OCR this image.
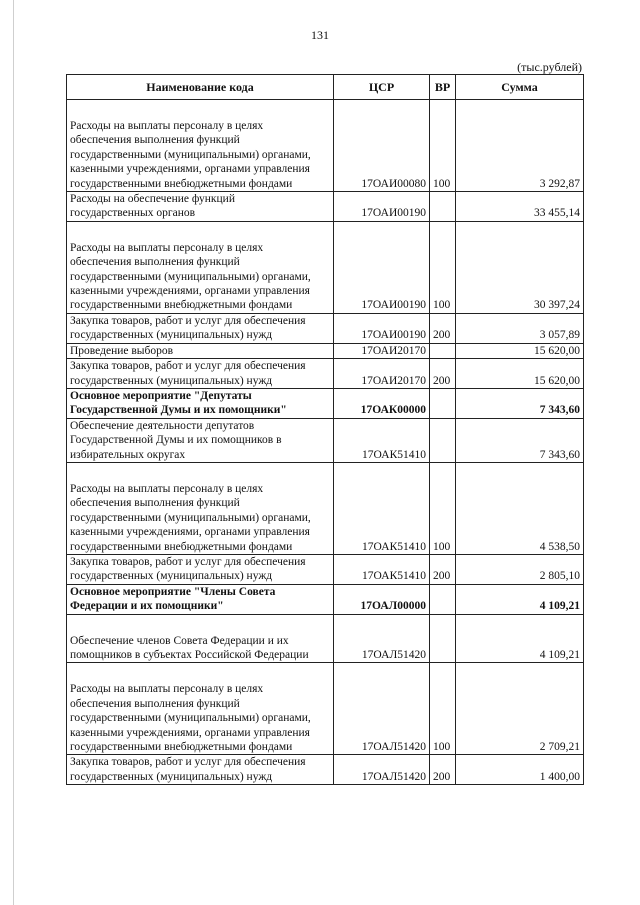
131
(тыс.рублей)
Наименование кода	ЦСР	ВР	Сумма

Расходы на выплаты персоналу в целях
обеспечения выполнения функций
государственными (муниципальными) органами,
казенными учреждениями, органами управления
государственными внебюджетными фондами	17ОАИ00080	100	3 292,87

Расходы на обеспечение функций
государственных органов	17ОАИ00190		33 455,14

Расходы на выплаты персоналу в целях
обеспечения выполнения функций
государственными (муниципальными) органами,
казенными учреждениями, органами управления
государственными внебюджетными фондами	17ОАИ00190	100	30 397,24

Закупка товаров, работ и услуг для обеспечения
государственных (муниципальных) нужд	17ОАИ00190	200	3 057,89

Проведение выборов	17ОАИ20170		15 620,00

Закупка товаров, работ и услуг для обеспечения
государственных (муниципальных) нужд	17ОАИ20170	200	15 620,00

Основное мероприятие "Депутаты
Государственной Думы и их помощники"	17ОАК00000		7 343,60

Обеспечение деятельности депутатов
Государственной Думы и их помощников в
избирательных округах	17ОАК51410		7 343,60

Расходы на выплаты персоналу в целях
обеспечения выполнения функций
государственными (муниципальными) органами,
казенными учреждениями, органами управления
государственными внебюджетными фондами	17ОАК51410	100	4 538,50

Закупка товаров, работ и услуг для обеспечения
государственных (муниципальных) нужд	17ОАК51410	200	2 805,10

Основное мероприятие "Члены Совета
Федерации и их помощники"	17ОАЛ00000		4 109,21

Обеспечение членов Совета Федерации и их
помощников в субъектах Российской Федерации	17ОАЛ51420		4 109,21

Расходы на выплаты персоналу в целях
обеспечения выполнения функций
государственными (муниципальными) органами,
казенными учреждениями, органами управления
государственными внебюджетными фондами	17ОАЛ51420	100	2 709,21

Закупка товаров, работ и услуг для обеспечения
государственных (муниципальных) нужд	17ОАЛ51420	200	1 400,00
